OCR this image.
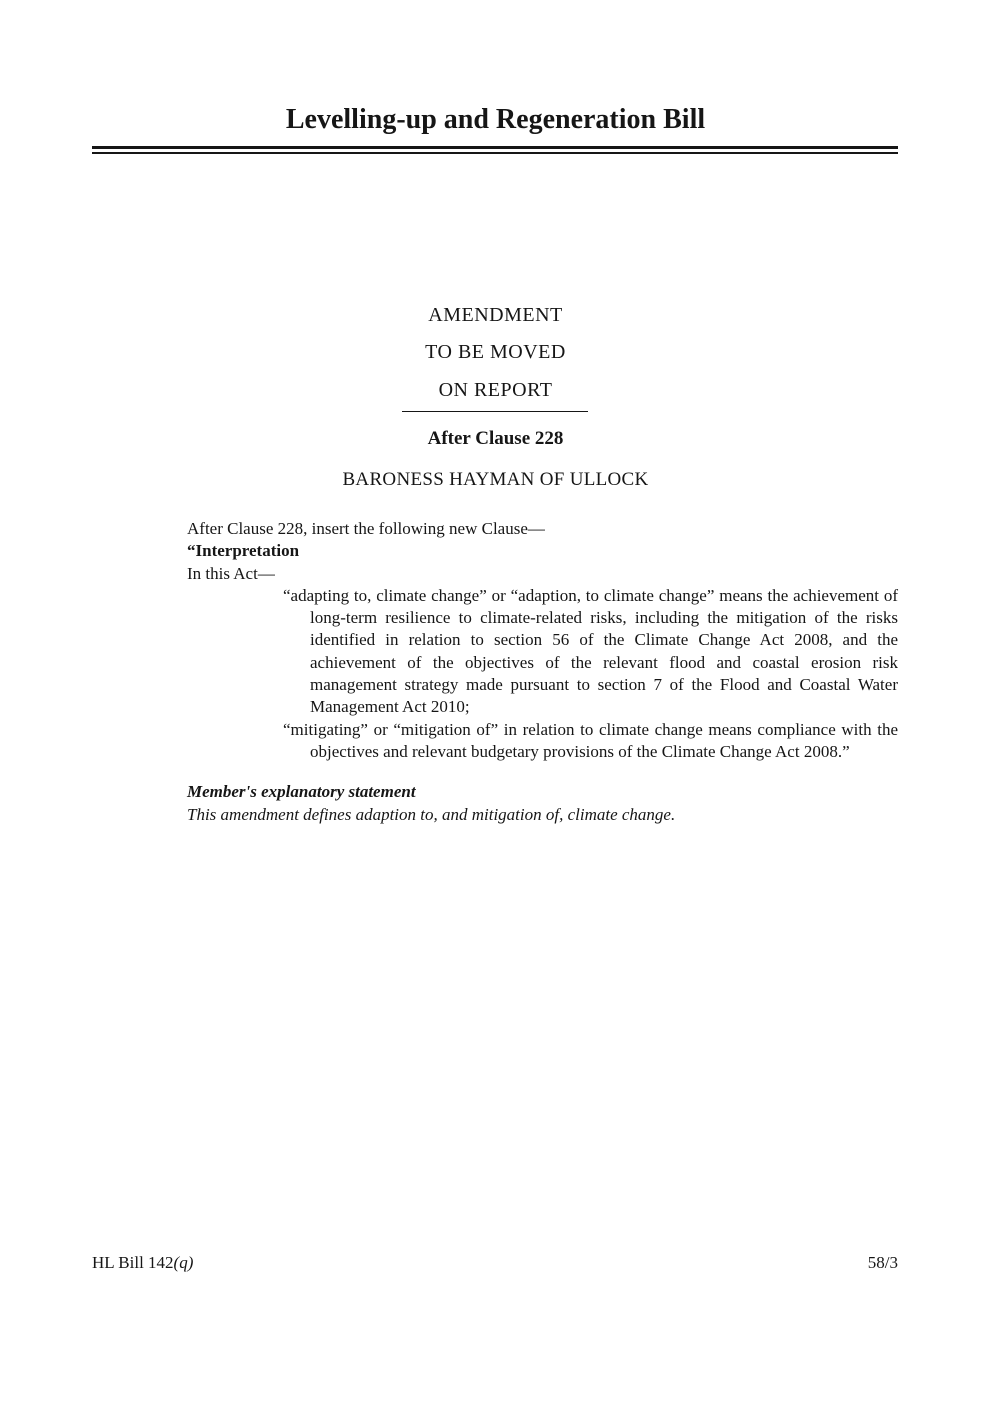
Levelling-up and Regeneration Bill

AMENDMENT

TO BE MOVED

ON REPORT

After Clause 228

BARONESS HAYMAN OF ULLOCK

After Clause 228, insert the following new Clause—

“Interpretation

In this Act—

“adapting to, climate change” or “adaption, to climate change” means the achievement of long-term resilience to climate-related risks, including the mitigation of the risks identified in relation to section 56 of the Climate Change Act 2008, and the achievement of the objectives of the relevant flood and coastal erosion risk management strategy made pursuant to section 7 of the Flood and Coastal Water Management Act 2010;

“mitigating” or “mitigation of” in relation to climate change means compliance with the objectives and relevant budgetary provisions of the Climate Change Act 2008.”

Member's explanatory statement

This amendment defines adaption to, and mitigation of, climate change.

HL Bill 142(q)	58/3
